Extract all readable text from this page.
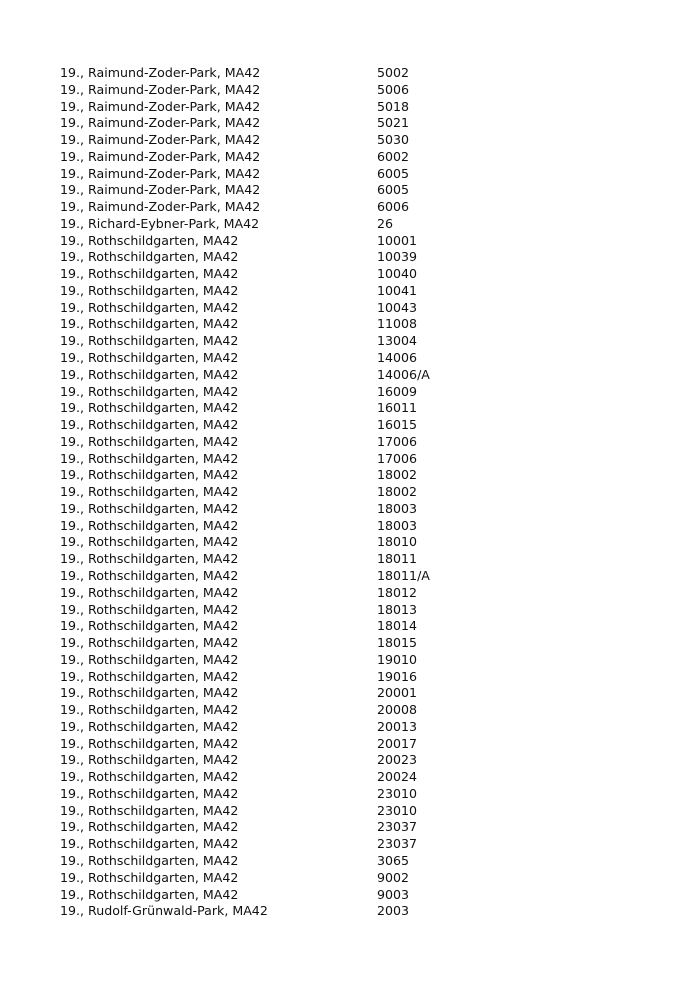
19., Raimund-Zoder-Park, MA42	5002
19., Raimund-Zoder-Park, MA42	5006
19., Raimund-Zoder-Park, MA42	5018
19., Raimund-Zoder-Park, MA42	5021
19., Raimund-Zoder-Park, MA42	5030
19., Raimund-Zoder-Park, MA42	6002
19., Raimund-Zoder-Park, MA42	6005
19., Raimund-Zoder-Park, MA42	6005
19., Raimund-Zoder-Park, MA42	6006
19., Richard-Eybner-Park, MA42	26
19., Rothschildgarten, MA42	10001
19., Rothschildgarten, MA42	10039
19., Rothschildgarten, MA42	10040
19., Rothschildgarten, MA42	10041
19., Rothschildgarten, MA42	10043
19., Rothschildgarten, MA42	11008
19., Rothschildgarten, MA42	13004
19., Rothschildgarten, MA42	14006
19., Rothschildgarten, MA42	14006/A
19., Rothschildgarten, MA42	16009
19., Rothschildgarten, MA42	16011
19., Rothschildgarten, MA42	16015
19., Rothschildgarten, MA42	17006
19., Rothschildgarten, MA42	17006
19., Rothschildgarten, MA42	18002
19., Rothschildgarten, MA42	18002
19., Rothschildgarten, MA42	18003
19., Rothschildgarten, MA42	18003
19., Rothschildgarten, MA42	18010
19., Rothschildgarten, MA42	18011
19., Rothschildgarten, MA42	18011/A
19., Rothschildgarten, MA42	18012
19., Rothschildgarten, MA42	18013
19., Rothschildgarten, MA42	18014
19., Rothschildgarten, MA42	18015
19., Rothschildgarten, MA42	19010
19., Rothschildgarten, MA42	19016
19., Rothschildgarten, MA42	20001
19., Rothschildgarten, MA42	20008
19., Rothschildgarten, MA42	20013
19., Rothschildgarten, MA42	20017
19., Rothschildgarten, MA42	20023
19., Rothschildgarten, MA42	20024
19., Rothschildgarten, MA42	23010
19., Rothschildgarten, MA42	23010
19., Rothschildgarten, MA42	23037
19., Rothschildgarten, MA42	23037
19., Rothschildgarten, MA42	3065
19., Rothschildgarten, MA42	9002
19., Rothschildgarten, MA42	9003
19., Rudolf-Grünwald-Park, MA42	2003
